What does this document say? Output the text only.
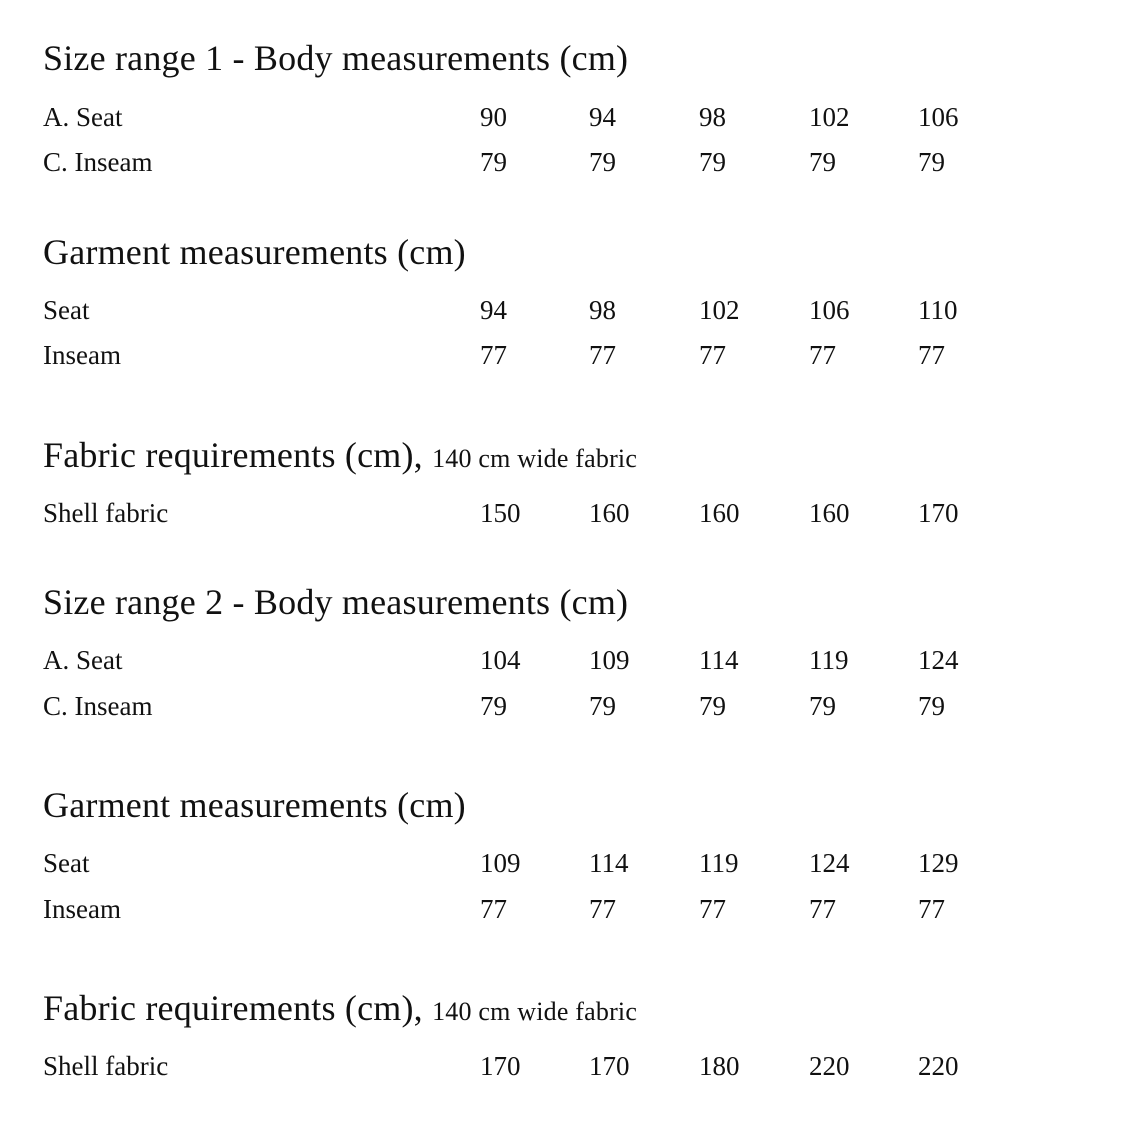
Size range 1 - Body measurements (cm)
A. Seat	90	94	98	102	106
C. Inseam	79	79	79	79	79
Garment measurements (cm)
Seat	94	98	102	106	110
Inseam	77	77	77	77	77
Fabric requirements (cm), 140 cm wide fabric
Shell fabric	150	160	160	160	170
Size range 2 - Body measurements (cm)
A. Seat	104	109	114	119	124
C. Inseam	79	79	79	79	79
Garment measurements (cm)
Seat	109	114	119	124	129
Inseam	77	77	77	77	77
Fabric requirements (cm), 140 cm wide fabric
Shell fabric	170	170	180	220	220
